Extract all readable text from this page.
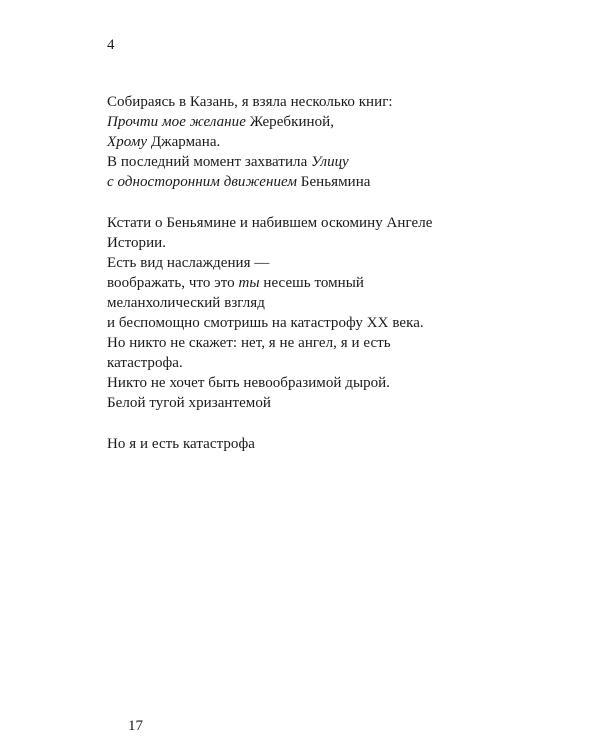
4
Собираясь в Казань, я взяла несколько книг:
Прочти мое желание Жеребкиной,
Хрому Джармана.
В последний момент захватила Улицу
с односторонним движением Беньямина
Кстати о Беньямине и набившем оскомину Ангеле
Истории.
Есть вид наслаждения —
воображать, что это ты несешь томный
меланхолический взгляд
и беспомощно смотришь на катастрофу XX века.
Но никто не скажет: нет, я не ангел, я и есть
катастрофа.
Никто не хочет быть невообразимой дырой.
Белой тугой хризантемой
Но я и есть катастрофа
17
